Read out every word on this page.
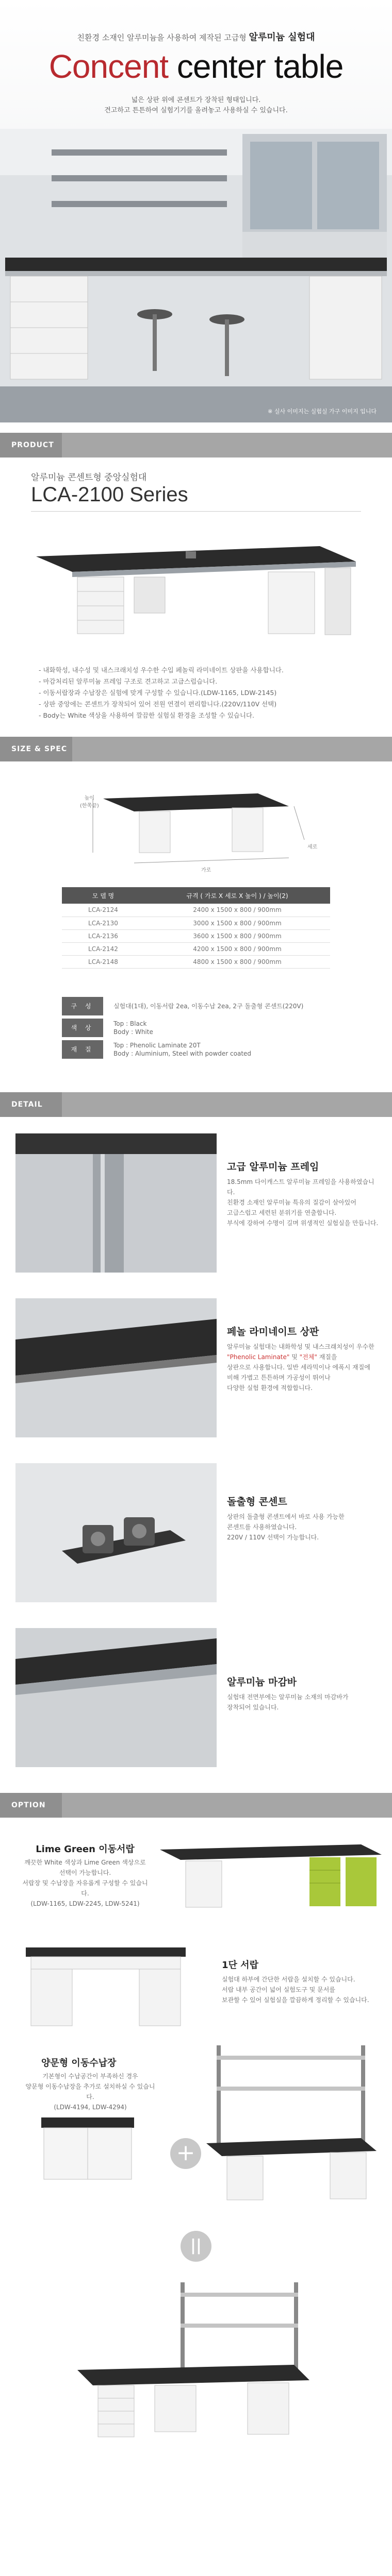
친환경 소재인 알루미늄을 사용하여 제작된 고급형 알루미늄 실험대
Concent center table
넓은 상판 위에 콘센트가 장착된 형태입니다.
견고하고 튼튼하여 실험기기를 올려놓고 사용하실 수 있습니다.
※ 실사 이미지는 실험실 가구 이미지 입니다
PRODUCT
알루미늄 콘센트형 중앙실험대
LCA-2100 Series
- 내화학성, 내수성 및 내스크래치성 우수한 수입 페놀릭 라미네이트 상판을 사용합니다.
- 마감처리된 알루미늄 프레임 구조로 견고하고 고급스럽습니다.
- 이동서랍장과 수납장은 실험에 맞게 구성할 수 있습니다.(LDW-1165, LDW-2145)
- 상판 중앙에는 콘센트가 장착되어 있어 전원 연결이 편리합니다.(220V/110V 선택)
- Body는 White 색상을 사용하여 깔끔한 실험실 환경을 조성할 수 있습니다.
SIZE & SPEC
높이
(한쪽끝)
가로
세로
모 델 명	규격 ( 가로 X 세로 X 높이 ) / 높이(2)
LCA-2124	2400 x 1500 x 800 / 900mm
LCA-2130	3000 x 1500 x 800 / 900mm
LCA-2136	3600 x 1500 x 800 / 900mm
LCA-2142	4200 x 1500 x 800 / 900mm
LCA-2148	4800 x 1500 x 800 / 900mm
구 성	실험대(1대), 이동서랍 2ea, 이동수납 2ea, 2구 돌출형 콘센트(220V)
색 상
Top : Black
Body : White
재 질
Top : Phenolic Laminate 20T
Body : Aluminium, Steel with powder coated
DETAIL
고급 알루미늄 프레임
18.5mm 다이캐스트 알루미늄 프레임을 사용하였습니다.
친환경 소재인 알루미늄 특유의 질감이 살아있어
고급스럽고 세련된 분위기를 연출합니다.
부식에 강하여 수명이 길며 위생적인 실험실을 만듭니다.
페놀 라미네이트 상판
알루미늄 실험대는 내화학성 및 내스크래치성이 우수한
"Phenolic Laminate" 및 "전체" 재질을
상판으로 사용합니다. 일반 세라믹이나 에폭시 재질에
비해 가볍고 튼튼하며 가공성이 뛰어나
다양한 실험 환경에 적합합니다.
돌출형 콘센트
상판의 돌출형 콘센트에서 바로 사용 가능한
콘센트를 사용하였습니다.
220V / 110V 선택이 가능합니다.
알루미늄 마감바
실험대 전면부에는 알루미늄 소재의 마감바가
장착되어 있습니다.
OPTION
Lime Green 이동서랍
깨끗한 White 색상과 Lime Green 색상으로
선택이 가능합니다.
서랍장 및 수납장을 자유롭게 구성할 수 있습니다.
(LDW-1165, LDW-2245, LDW-5241)
1단 서랍
실험대 하부에 간단한 서랍을 설치할 수 있습니다.
서랍 내부 공간이 넓어 실험도구 및 문서를
보관할 수 있어 실험실을 깔끔하게 정리할 수 있습니다.
양문형 이동수납장
기본형이 수납공간이 부족하신 경우
양문형 이동수납장을 추가로 설치하실 수 있습니다.
(LDW-4194, LDW-4294)
+
||
